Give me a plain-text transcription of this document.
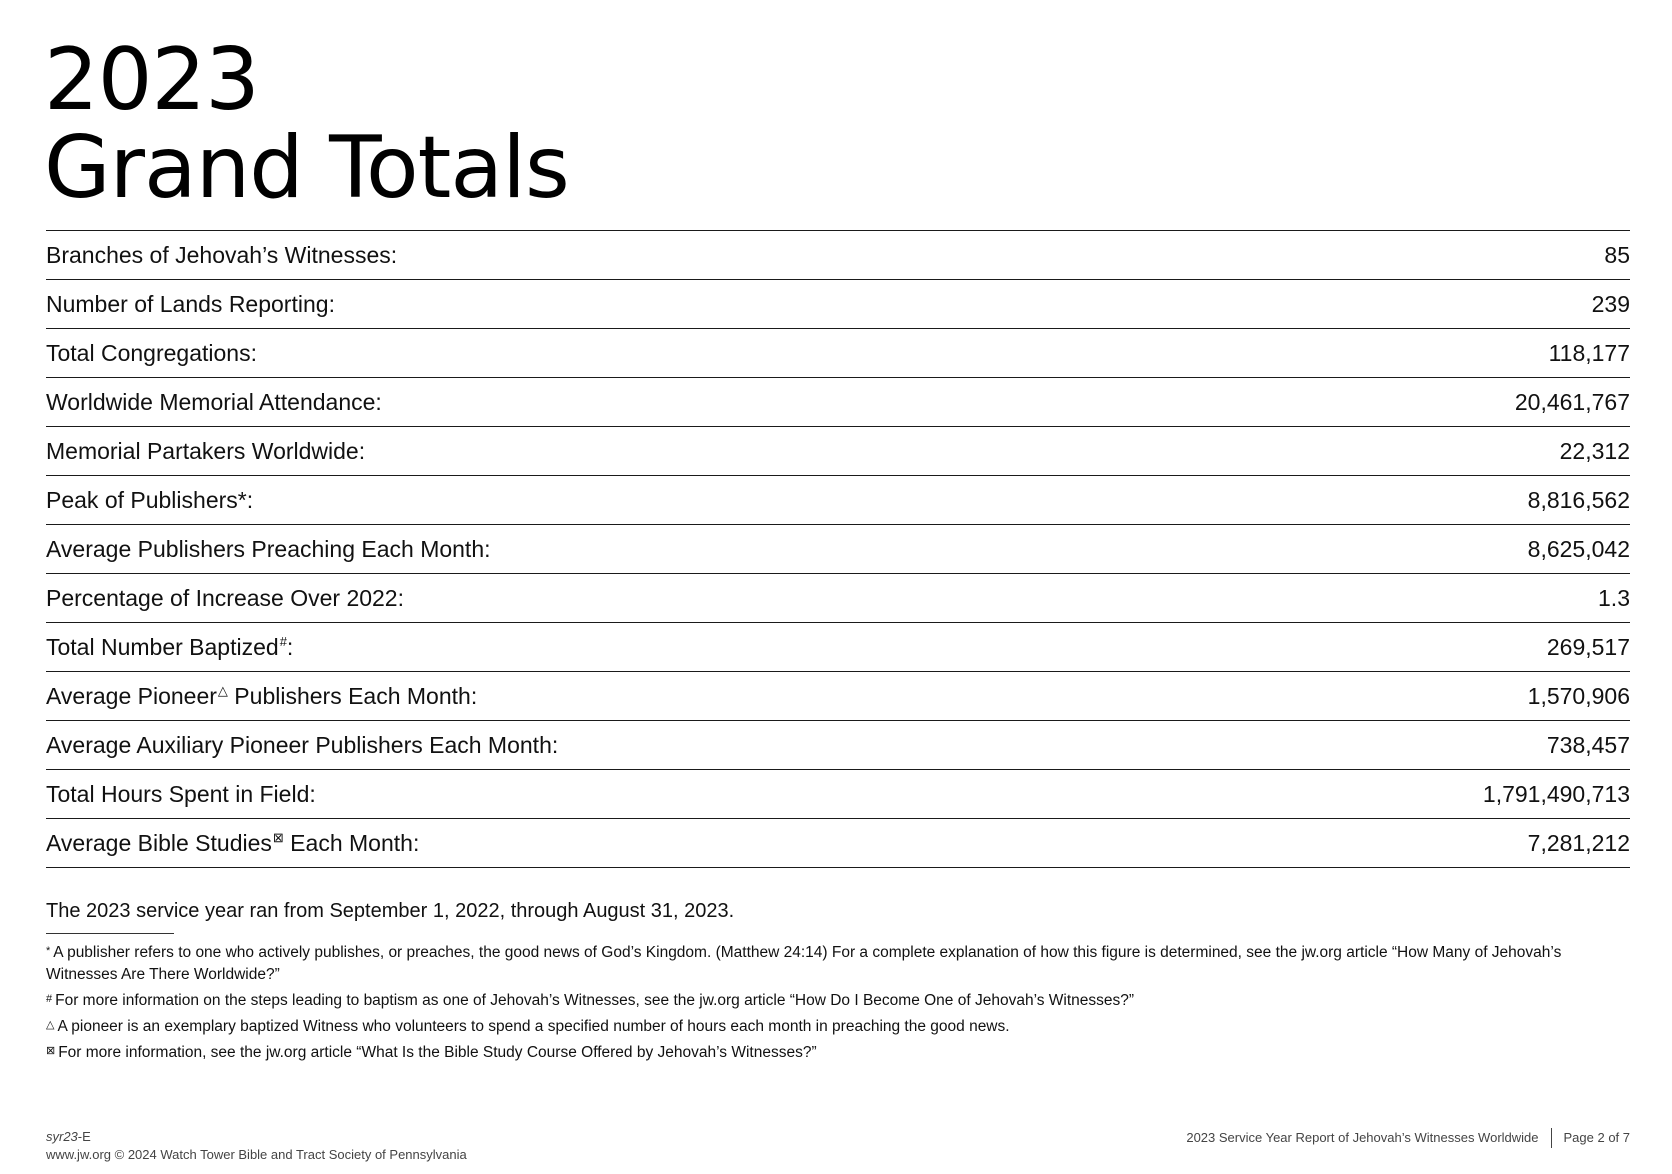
2023
Grand Totals
Branches of Jehovah’s Witnesses:	85
Number of Lands Reporting:	239
Total Congregations:	118,177
Worldwide Memorial Attendance:	20,461,767
Memorial Partakers Worldwide:	22,312
Peak of Publishers*:	8,816,562
Average Publishers Preaching Each Month:	8,625,042
Percentage of Increase Over 2022:	1.3
Total Number Baptized#:	269,517
Average Pioneer△ Publishers Each Month:	1,570,906
Average Auxiliary Pioneer Publishers Each Month:	738,457
Total Hours Spent in Field:	1,791,490,713
Average Bible Studies⊠ Each Month:	7,281,212
The 2023 service year ran from September 1, 2022, through August 31, 2023.
* A publisher refers to one who actively publishes, or preaches, the good news of God’s Kingdom. (Matthew 24:14) For a complete explanation of how this figure is determined, see the jw.org article “How Many of Jehovah’s Witnesses Are There Worldwide?”
# For more information on the steps leading to baptism as one of Jehovah’s Witnesses, see the jw.org article “How Do I Become One of Jehovah’s Witnesses?”
△ A pioneer is an exemplary baptized Witness who volunteers to spend a specified number of hours each month in preaching the good news.
⊠ For more information, see the jw.org article “What Is the Bible Study Course Offered by Jehovah’s Witnesses?”
syr23-E
www.jw.org © 2024 Watch Tower Bible and Tract Society of Pennsylvania
2023 Service Year Report of Jehovah’s Witnesses Worldwide Page 2 of 7
